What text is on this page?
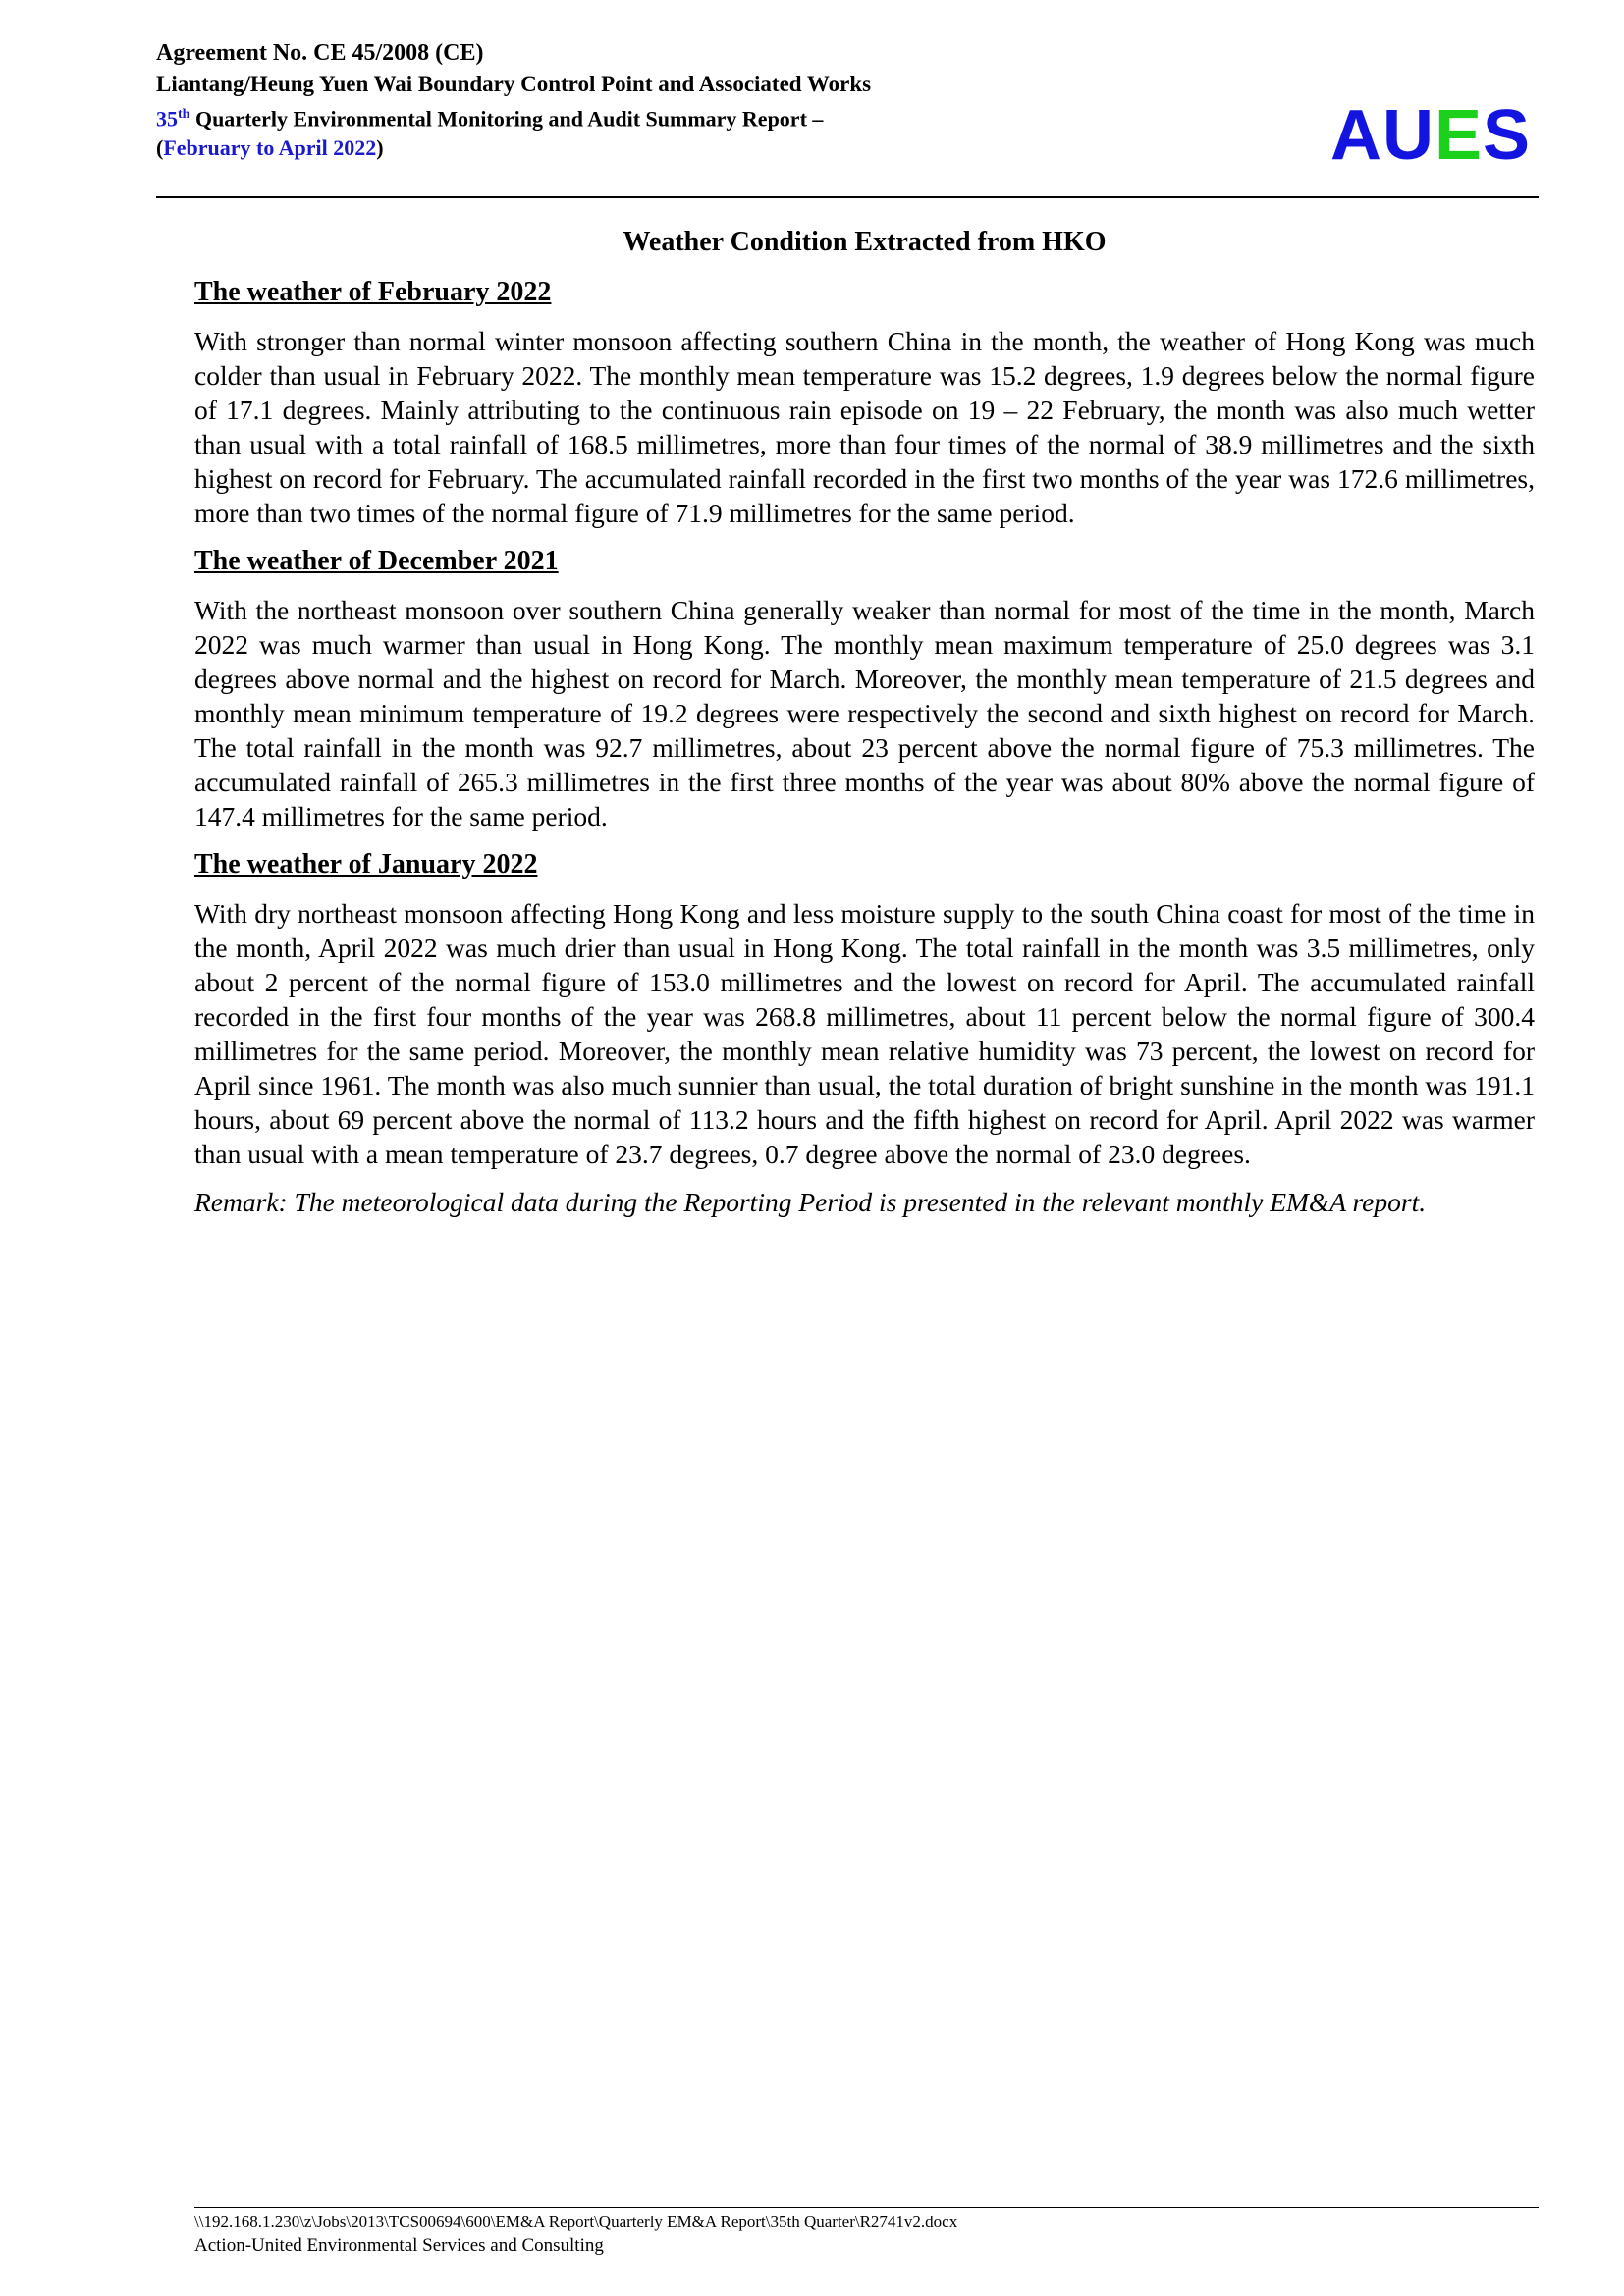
Agreement No. CE 45/2008 (CE)
Liantang/Heung Yuen Wai Boundary Control Point and Associated Works
35th Quarterly Environmental Monitoring and Audit Summary Report –
(February to April 2022)	AUES
Weather Condition Extracted from HKO
The weather of February 2022

With stronger than normal winter monsoon affecting southern China in the month, the weather of Hong Kong was much colder than usual in February 2022. The monthly mean temperature was 15.2 degrees, 1.9 degrees below the normal figure of 17.1 degrees. Mainly attributing to the continuous rain episode on 19 – 22 February, the month was also much wetter than usual with a total rainfall of 168.5 millimetres, more than four times of the normal of 38.9 millimetres and the sixth highest on record for February. The accumulated rainfall recorded in the first two months of the year was 172.6 millimetres, more than two times of the normal figure of 71.9 millimetres for the same period.

The weather of December 2021

With the northeast monsoon over southern China generally weaker than normal for most of the time in the month, March 2022 was much warmer than usual in Hong Kong. The monthly mean maximum temperature of 25.0 degrees was 3.1 degrees above normal and the highest on record for March. Moreover, the monthly mean temperature of 21.5 degrees and monthly mean minimum temperature of 19.2 degrees were respectively the second and sixth highest on record for March. The total rainfall in the month was 92.7 millimetres, about 23 percent above the normal figure of 75.3 millimetres. The accumulated rainfall of 265.3 millimetres in the first three months of the year was about 80% above the normal figure of 147.4 millimetres for the same period.

The weather of January 2022

With dry northeast monsoon affecting Hong Kong and less moisture supply to the south China coast for most of the time in the month, April 2022 was much drier than usual in Hong Kong. The total rainfall in the month was 3.5 millimetres, only about 2 percent of the normal figure of 153.0 millimetres and the lowest on record for April. The accumulated rainfall recorded in the first four months of the year was 268.8 millimetres, about 11 percent below the normal figure of 300.4 millimetres for the same period. Moreover, the monthly mean relative humidity was 73 percent, the lowest on record for April since 1961. The month was also much sunnier than usual, the total duration of bright sunshine in the month was 191.1 hours, about 69 percent above the normal of 113.2 hours and the fifth highest on record for April. April 2022 was warmer than usual with a mean temperature of 23.7 degrees, 0.7 degree above the normal of 23.0 degrees.

Remark: The meteorological data during the Reporting Period is presented in the relevant monthly EM&A report.

\\192.168.1.230\z\Jobs\2013\TCS00694\600\EM&A Report\Quarterly EM&A Report\35th Quarter\R2741v2.docx
Action-United Environmental Services and Consulting
